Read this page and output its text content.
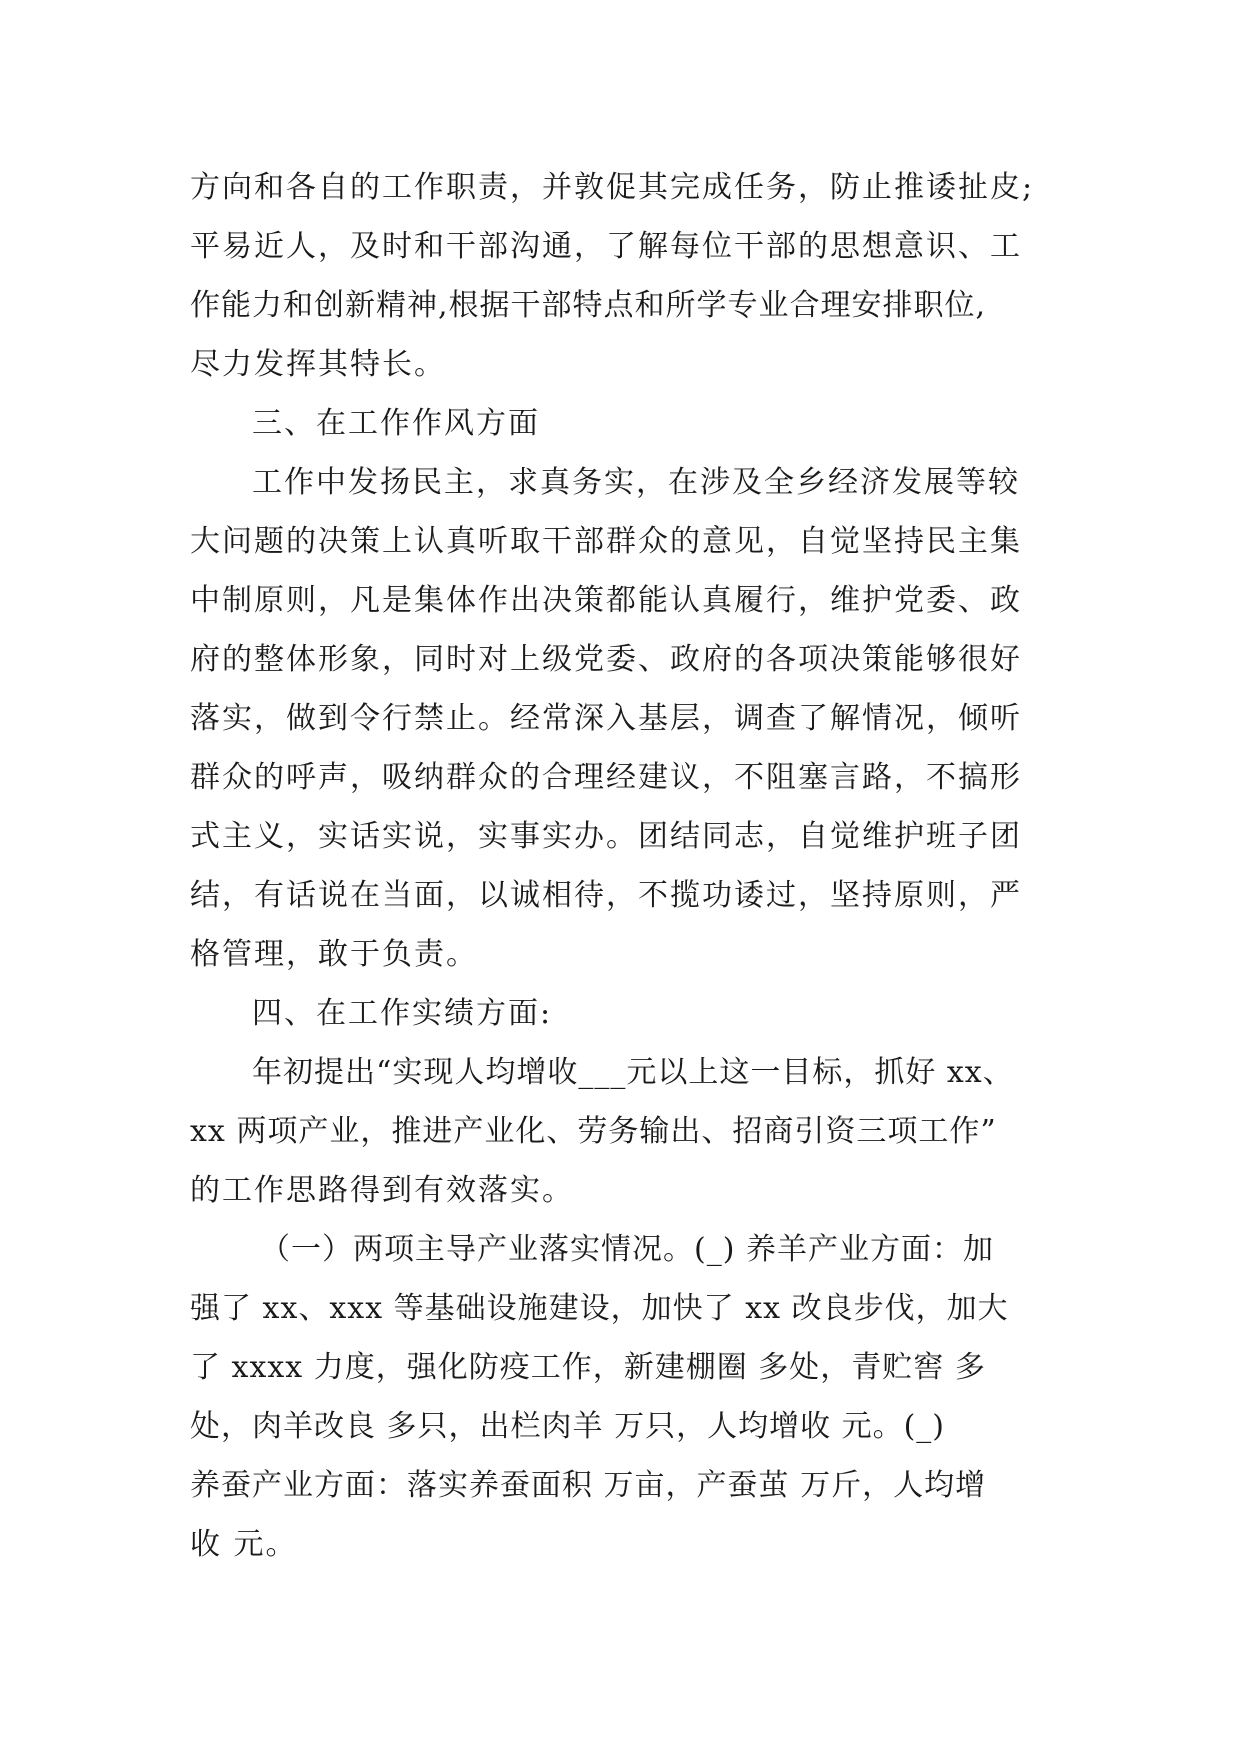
方向和各自的工作职责，并敦促其完成任务，防止推诿扯皮;
平易近人，及时和干部沟通，了解每位干部的思想意识、工
作能力和创新精神,根据干部特点和所学专业合理安排职位,
尽力发挥其特长。
三、在工作作风方面
工作中发扬民主，求真务实，在涉及全乡经济发展等较
大问题的决策上认真听取干部群众的意见，自觉坚持民主集
中制原则，凡是集体作出决策都能认真履行，维护党委、政
府的整体形象，同时对上级党委、政府的各项决策能够很好
落实，做到令行禁止。经常深入基层，调查了解情况，倾听
群众的呼声，吸纳群众的合理经建议，不阻塞言路，不搞形
式主义，实话实说，实事实办。团结同志，自觉维护班子团
结，有话说在当面，以诚相待，不揽功诿过，坚持原则，严
格管理，敢于负责。
四、在工作实绩方面:
年初提出“实现人均增收___元以上这一目标，抓好 xx、
xx 两项产业，推进产业化、劳务输出、招商引资三项工作”
的工作思路得到有效落实。
（一）两项主导产业落实情况。(_) 养羊产业方面：加
强了 xx、xxx 等基础设施建设，加快了 xx 改良步伐，加大
了 xxxx 力度，强化防疫工作，新建棚圈 多处，青贮窖 多
处，肉羊改良 多只，出栏肉羊 万只，人均增收 元。(_)
养蚕产业方面：落实养蚕面积 万亩，产蚕茧 万斤，人均增
收 元。
